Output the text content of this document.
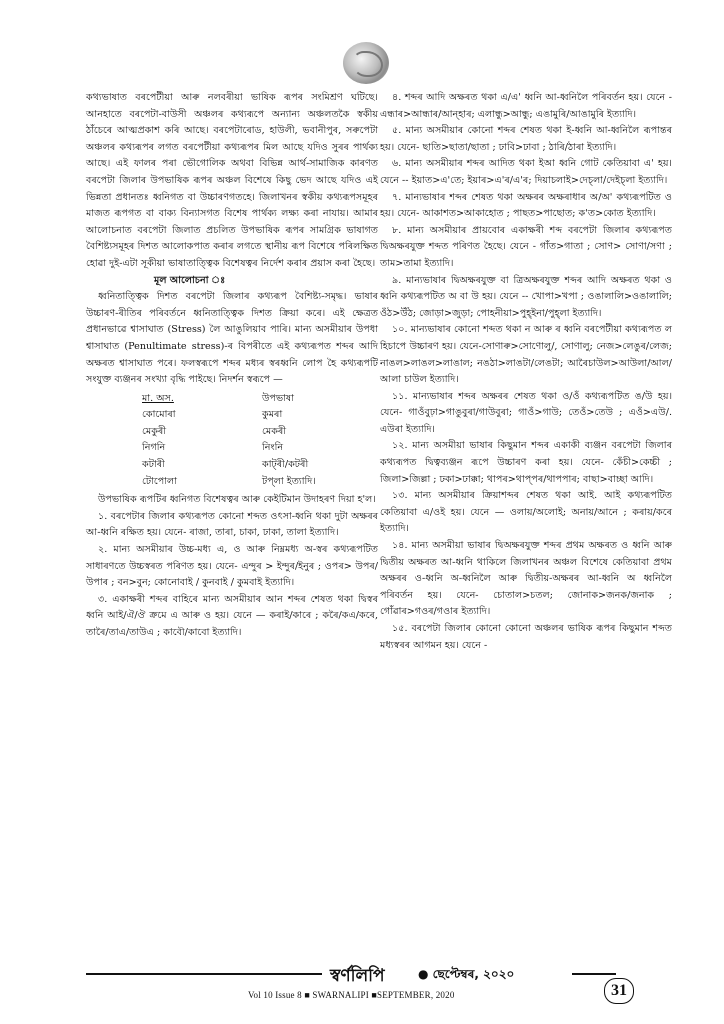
কথ্যভাষাত বৰপেটীয়া আৰু নলবৰীয়া ভাষিক ৰূপৰ সংমিশ্ৰণ ঘটিছে। আনহাতে বৰপেটা-বাউসী অঞ্চলৰ কথ্যৰূপে অন্যান্য অঞ্চলতকৈ স্বকীয় ঠাঁচেৰে আত্মপ্ৰকাশ কৰি আছে। বৰপেটাৰোড, হাউলী, ভবানীপুৰ, সৰুপেটা অঞ্চলৰ কথ্যৰূপৰ লগত বৰপেটীয়া কথ্যৰূপৰ মিল আছে যদিও সুৰৰ পাৰ্থক্য আছে। এই ফালৰ পৰা ভৌগোলিক অথবা বিভিন্ন আৰ্থ-সামাজিক কাৰণত বৰপেটা জিলাৰ উপভাষিক ৰূপৰ অঞ্চল বিশেষে কিছু ভেদ আছে যদিও এই ভিন্নতা প্ৰধানতঃ ধ্বনিগত বা উচ্চাৰণগতহে। জিলাখনৰ স্বকীয় কথ্যৰূপসমূহৰ মাজত ৰূপগত বা বাক্য বিন্যাসগত বিশেষ পাৰ্থক্য লক্ষ্য কৰা নাযায়। আমাৰ আলোচনাত বৰপেটা জিলাত প্ৰচলিত উপভাষিক ৰূপৰ সামগ্ৰিক ভাষাগত বৈশিষ্ট্যসমূহৰ দিশত আলোকপাত কৰাৰ লগতে স্থানীয় ৰূপ বিশেষে পৰিলক্ষিত হোৱা দুই-এটা সূকীয়া ভাষাতাত্ত্বিক বিশেষত্বৰ নিৰ্দেশ কৰাৰ প্ৰয়াস কৰা হৈছে।

মূল আলোচনা ঃ

ধ্বনিতাত্ত্বিক দিশত বৰপেটা জিলাৰ কথ্যৰূপ বৈশিষ্ট্য-সমৃদ্ধ। ভাষাৰ উচ্চাৰণ-ৰীতিৰ পৰিবৰ্তনে ধ্বনিতাত্ত্বিক দিশত ক্ৰিয়া কৰে। এই ক্ষেত্ৰত প্ৰধানভাৱে শ্বাসাঘাত (Stress) লৈ আঙুলিয়াব পাৰি। মান্য অসমীয়াৰ উপধা শ্বাসাঘাত (Penultimate stress)-ৰ বিপৰীতে এই কথ্যৰূপত শব্দৰ আদি অক্ষৰত শ্বাসাঘাত পৰে। ফলস্বৰূপে শব্দৰ মধ্যৰ স্বৰধ্বনি লোপ হৈ কথ্যৰূপটি সংযুক্ত ব্যঞ্জনৰ সংখ্যা বৃদ্ধি পাইছে। নিদৰ্শন স্বৰূপে —

মা. অস.	উপভাষা
কোমোৰা	কুমৰা
মেকুৰী	মেকৰী
নিগনি	নিংনি
কটাৰী	কাট্‌ৰী/কটৰী
টোপোলা	টপ্‌লা ইত্যাদি।

উপভাষিক ৰূপটিৰ ধ্বনিগত বিশেষত্বৰ আৰু কেইটিমান উদাহৰণ দিয়া হ'ল।

১. বৰপেটাৰ জিলাৰ কথ্যৰূপত কোনো শব্দত ওৎসা-ধ্বনি থকা দুটা অক্ষৰৰ আ-ধ্বনি ৰক্ষিত হয়। যেনে- ৰাজা, তাৰা, চাকা, ঢাকা, তালা ইত্যাদি।

২. মান্য অসমীয়াৰ উচ্চ-মধ্য এ, ও আৰু নিম্নমধ্য অ-স্বৰ কথ্যৰূপটিত সাধাৰণতে উচ্চস্বৰত পৰিণত হয়। যেনে- এন্দুৰ > ইন্দুৰ/ইনুৰ ; ওপৰ> উপৰ/উপাৰ ; বন>বুন; কোনোবাই / কুনবাই / কুমবাই ইত্যাদি।

৩. একাক্ষৰী শব্দৰ বাহিৰে মান্য অসমীয়াৰ আন শব্দৰ শেষত থকা দ্বিস্বৰ ধ্বনি আই/ঐ/ঔ ক্ৰমে এ আৰু ও হয়। যেনে — কৰাই/কাৰে ; কৰৈ/কএ/কৰে, তাৰৈ/তাএ/তাউএ ; কাবৌ/কাবো ইত্যাদি।

৪. শব্দৰ আদি অক্ষৰত থকা এ/এ' ধ্বনি আ-ধ্বনিলৈ পৰিবৰ্তন হয়। যেনে - এন্ধাৰ>আন্ধাৰ/আন্‌হাৰ; এলান্ধু>আন্ধু; এঙামুৰি/আঙামুৰি ইত্যাদি।

৫. মান্য অসমীয়াৰ কোনো শব্দৰ শেষত থকা ই-ধ্বনি আ-ধ্বনিলৈ ৰূপান্তৰ হয়। যেনে- ছাতি>ছাতা/ছাতা ; ঢাবি>ঢাবা ; ঠাৰি/ঠাৰা ইত্যাদি।

৬. মান্য অসমীয়াৰ শব্দৰ আদিত থকা ইআ ধ্বনি গোট কেতিয়াবা এ' হয়। যেনে -- ইয়াত>এ'তে; ইয়াৰ>এ'ৰ/এ'ৰ; দিয়াচলাই>দেচ্‌লা/দেইচ্‌লা ইত্যাদি।

৭. মান্যভাষাৰ শব্দৰ শেষত থকা অক্ষৰৰ অক্ষৰাধাৰ অ/অ' কথ্যৰূপটিত ও হয়। যেনে- আকাশত>আকাহোত ; পাছত>পাছোত; ক'ত>কোত ইত্যাদি।

৮. মান্য অসমীয়াৰ প্ৰায়বোৰ একাক্ষৰী শব্দ বৰপেটা জিলাৰ কথ্যৰূপত দ্বিঅক্ষৰযুক্ত শব্দত পৰিণত হৈছে। যেনে - গাঁত>গাতা ; সোণ> সোণা/সণা ; তাম>তামা ইত্যাদি।

৯. মান্যভাষাৰ দ্বিঅক্ষৰযুক্ত বা ত্ৰিঅক্ষৰযুক্ত শব্দৰ আদি অক্ষৰত থকা ও ধ্বনি কথ্যৰূপটিত অ বা উ হয়। যেনে -- খোপা>খপা ; ওঙালালি>ওঙালালি; ওঁঠ>উঁঠ; জোড়া>জুড়া; পোহনীয়া>পুহ্‌ইনা/পুহ্‌লা ইত্যাদি।

১০. মান্যভাষাৰ কোনো শব্দত থকা ন আৰু ৰ ধ্বনি বৰপেটীয়া কথ্যৰূপত ল হিচাপে উচ্চাৰণ হয়। যেনে-সোণাৰু>সোণোলু/, সোণালু; নেজ>লেঙুৰ/লেজ; নাঙল>লাঙল>লাঙাল; নঙঠা>লাঙটা/লেঙটা; আৰৈচাউল>আউলা/আল/আলা চাউল ইত্যাদি।

১১. মান্যভাষাৰ শব্দৰ অক্ষৰৰ শেষত থকা ও/ওঁ কথ্যৰূপটিত ঙ/উ হয়। যেনে- গাওঁবুঢ়া>গাঙুবুৰা/গাউবুৰা; গাওঁ>গাউ; তেওঁ>তেউ ; এওঁ>এউ/. এউৰা ইত্যাদি।

১২. মান্য অসমীয়া ভাষাৰ কিছুমান শব্দৰ একাকী ব্যঞ্জন বৰপেটা জিলাৰ কথ্যৰূপত দ্বিত্বব্যঞ্জন ৰূপে উচ্চাৰণ কৰা হয়। যেনে- কেঁচী>কেচ্চী ; জিলা>জিল্লা ; ঢকা>ঢাক্কা; থাপৰ>থাপ্‌পৰ/থাপপাৰ; বাছা>বাচ্ছা আদি।

১৩. মান্য অসমীয়াৰ ক্ৰিয়াশব্দৰ শেষত থকা আই. আই কথ্যৰূপটিত কেতিয়াবা এ/ওই হয়। যেনে — ওলায়/অলোই; অনায়/আনে ; কৰায়/কৰে ইত্যাদি।

১৪. মান্য অসমীয়া ভাষাৰ দ্বিঅক্ষৰযুক্ত শব্দৰ প্ৰথম অক্ষৰত ও ধ্বনি আৰু দ্বিতীয় অক্ষৰত আ-ধ্বনি থাকিলে জিলাখনৰ অঞ্চল বিশেষে কেতিয়াবা প্ৰথম অক্ষৰৰ ও-ধ্বনি অ-ধ্বনিলৈ আৰু দ্বিতীয়-অক্ষৰৰ আ-ধ্বনি অ ধ্বনিলৈ পৰিবৰ্তন হয়। যেনে- চোতাল>চতল; জোনাক>জনক/জনাক ; গোঁৱাৰ>গওৰ/গওাৰ ইত্যাদি।

১৫. বৰপেটা জিলাৰ কোনো কোনো অঞ্চলৰ ভাষিক ৰূপৰ কিছুমান শব্দত মধ্যস্বৰৰ আগমন হয়। যেনে -

স্বৰ্ণলিপি	● ছেপ্টেম্বৰ, ২০২০
Vol 10 Issue 8 ■ SWARNALIPI ■SEPTEMBER, 2020	31
